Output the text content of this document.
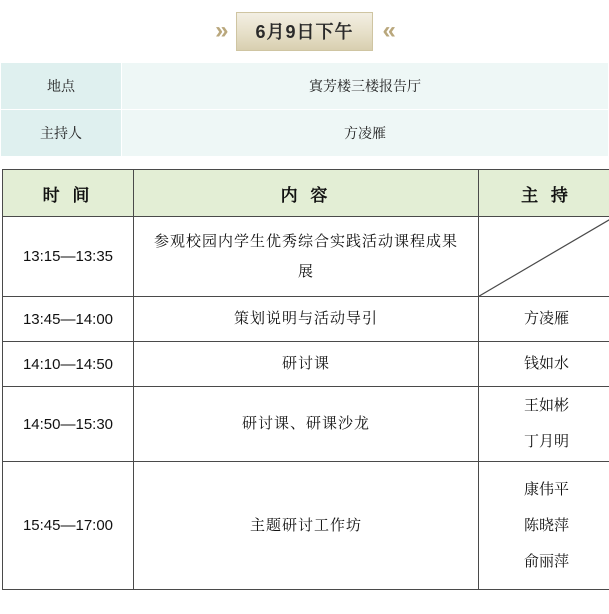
»	6月9日下午	«
地点	寘芳楼三楼报告厅
主持人	方凌雁
时 间	内 容	主 持
13:15—13:35	参观校园内学生优秀综合实践活动课程成果展	

13:45—14:00	策划说明与活动导引	方凌雁
14:10—14:50	研讨课	钱如水
14:50—15:30	研讨课、研课沙龙	王如彬
丁月明

15:45—17:00	主题研讨工作坊	康伟平
陈晓萍
俞丽萍
